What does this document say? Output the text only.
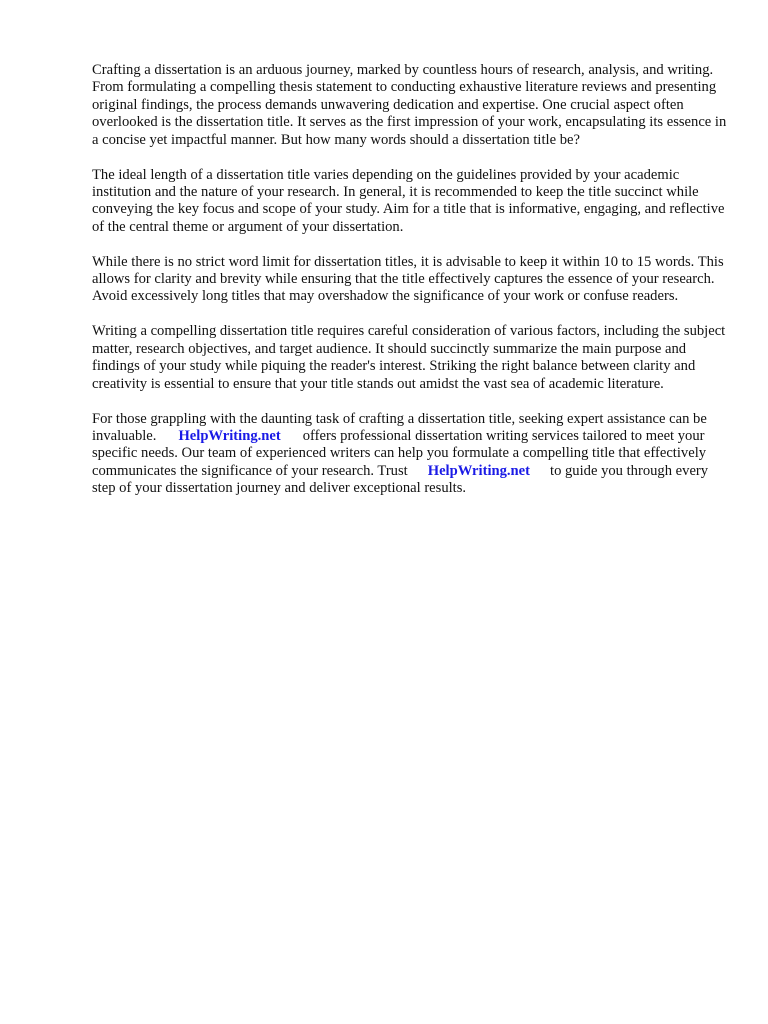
Crafting a dissertation is an arduous journey, marked by countless hours of research, analysis, and writing. From formulating a compelling thesis statement to conducting exhaustive literature reviews and presenting original findings, the process demands unwavering dedication and expertise. One crucial aspect often overlooked is the dissertation title. It serves as the first impression of your work, encapsulating its essence in a concise yet impactful manner. But how many words should a dissertation title be?

The ideal length of a dissertation title varies depending on the guidelines provided by your academic institution and the nature of your research. In general, it is recommended to keep the title succinct while conveying the key focus and scope of your study. Aim for a title that is informative, engaging, and reflective of the central theme or argument of your dissertation.

While there is no strict word limit for dissertation titles, it is advisable to keep it within 10 to 15 words. This allows for clarity and brevity while ensuring that the title effectively captures the essence of your research. Avoid excessively long titles that may overshadow the significance of your work or confuse readers.

Writing a compelling dissertation title requires careful consideration of various factors, including the subject matter, research objectives, and target audience. It should succinctly summarize the main purpose and findings of your study while piquing the reader's interest. Striking the right balance between clarity and creativity is essential to ensure that your title stands out amidst the vast sea of academic literature.

For those grappling with the daunting task of crafting a dissertation title, seeking expert assistance can be invaluable. HelpWriting.net offers professional dissertation writing services tailored to meet your specific needs. Our team of experienced writers can help you formulate a compelling title that effectively communicates the significance of your research. Trust HelpWriting.net to guide you through every step of your dissertation journey and deliver exceptional results.
